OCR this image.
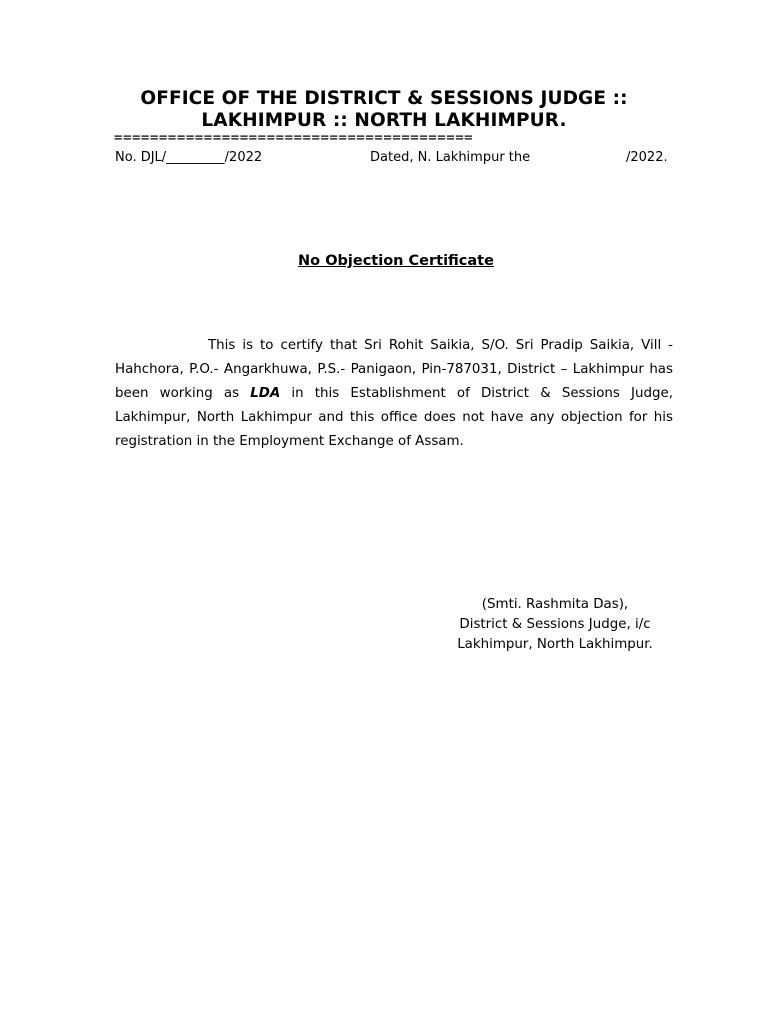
OFFICE OF THE DISTRICT & SESSIONS JUDGE ::
LAKHIMPUR :: NORTH LAKHIMPUR.
========================================
No. DJL/_________/2022	Dated, N. Lakhimpur the	/2022.
No Objection Certificate

This is to certify that Sri Rohit Saikia, S/O. Sri Pradip Saikia, Vill - Hahchora, P.O.- Angarkhuwa, P.S.- Panigaon, Pin-787031, District – Lakhimpur has been working as LDA in this Establishment of District & Sessions Judge, Lakhimpur, North Lakhimpur and this office does not have any objection for his registration in the Employment Exchange of Assam.

(Smti. Rashmita Das),
District & Sessions Judge, i/c
Lakhimpur, North Lakhimpur.
